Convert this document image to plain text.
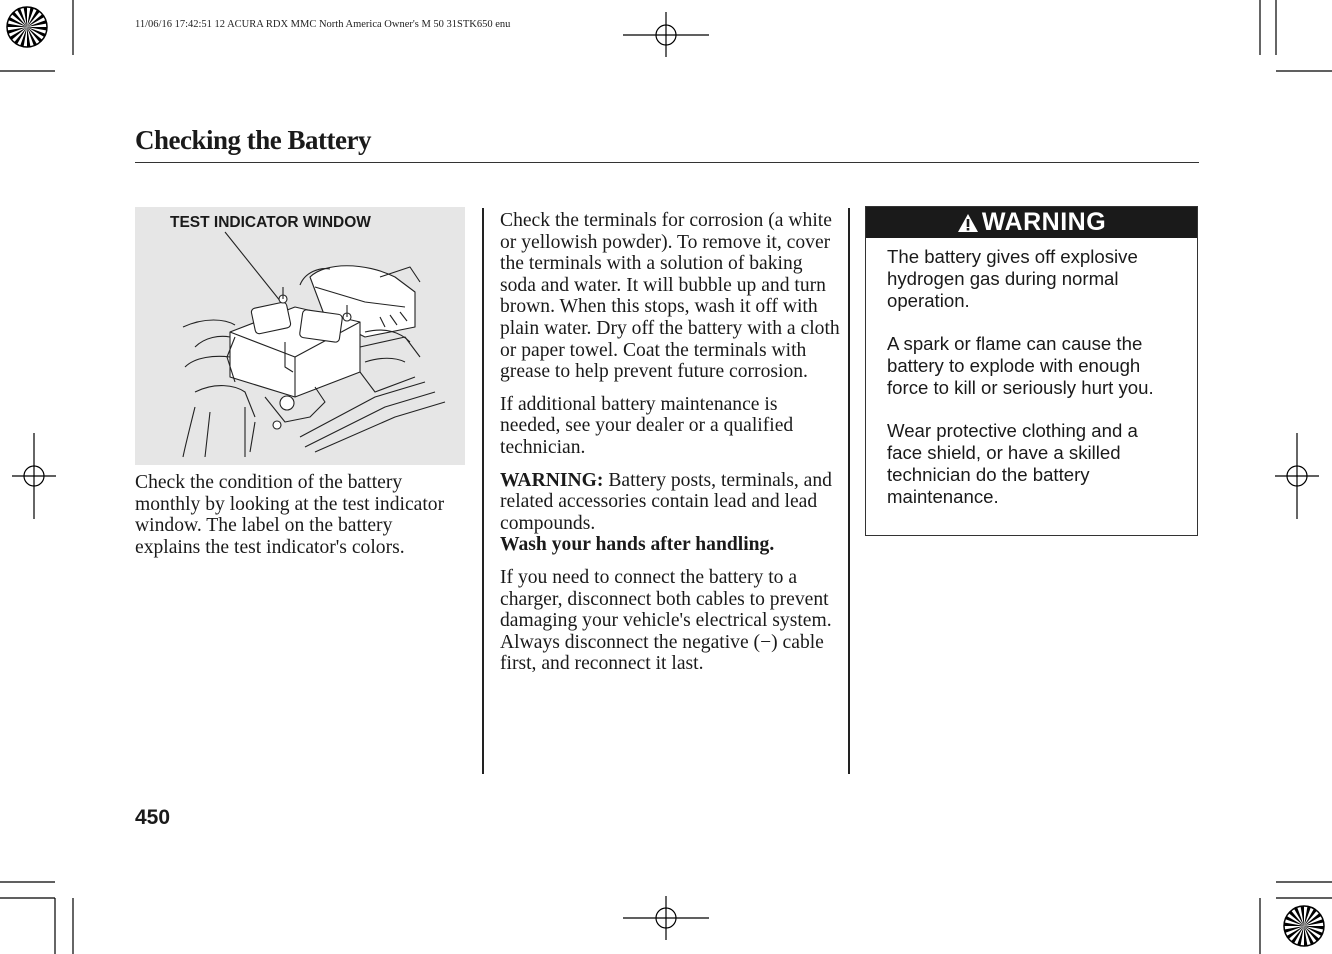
11/06/16 17:42:51 12 ACURA RDX MMC North America Owner's M 50 31STK650 enu
Checking the Battery
TEST INDICATOR WINDOW

Check the condition of the battery monthly by looking at the test indicator window. The label on the battery explains the test indicator's colors.

Check the terminals for corrosion (a white or yellowish powder). To remove it, cover the terminals with a solution of baking soda and water. It will bubble up and turn brown. When this stops, wash it off with plain water. Dry off the battery with a cloth or paper towel. Coat the terminals with grease to help prevent future corrosion.

If additional battery maintenance is needed, see your dealer or a qualified technician.

WARNING: Battery posts, terminals, and related accessories contain lead and lead compounds.
Wash your hands after handling.

If you need to connect the battery to a charger, disconnect both cables to prevent damaging your vehicle's electrical system. Always disconnect the negative (−) cable first, and reconnect it last.

WARNING

The battery gives off explosive hydrogen gas during normal operation.

A spark or flame can cause the battery to explode with enough force to kill or seriously hurt you.

Wear protective clothing and a face shield, or have a skilled technician do the battery maintenance.

450
